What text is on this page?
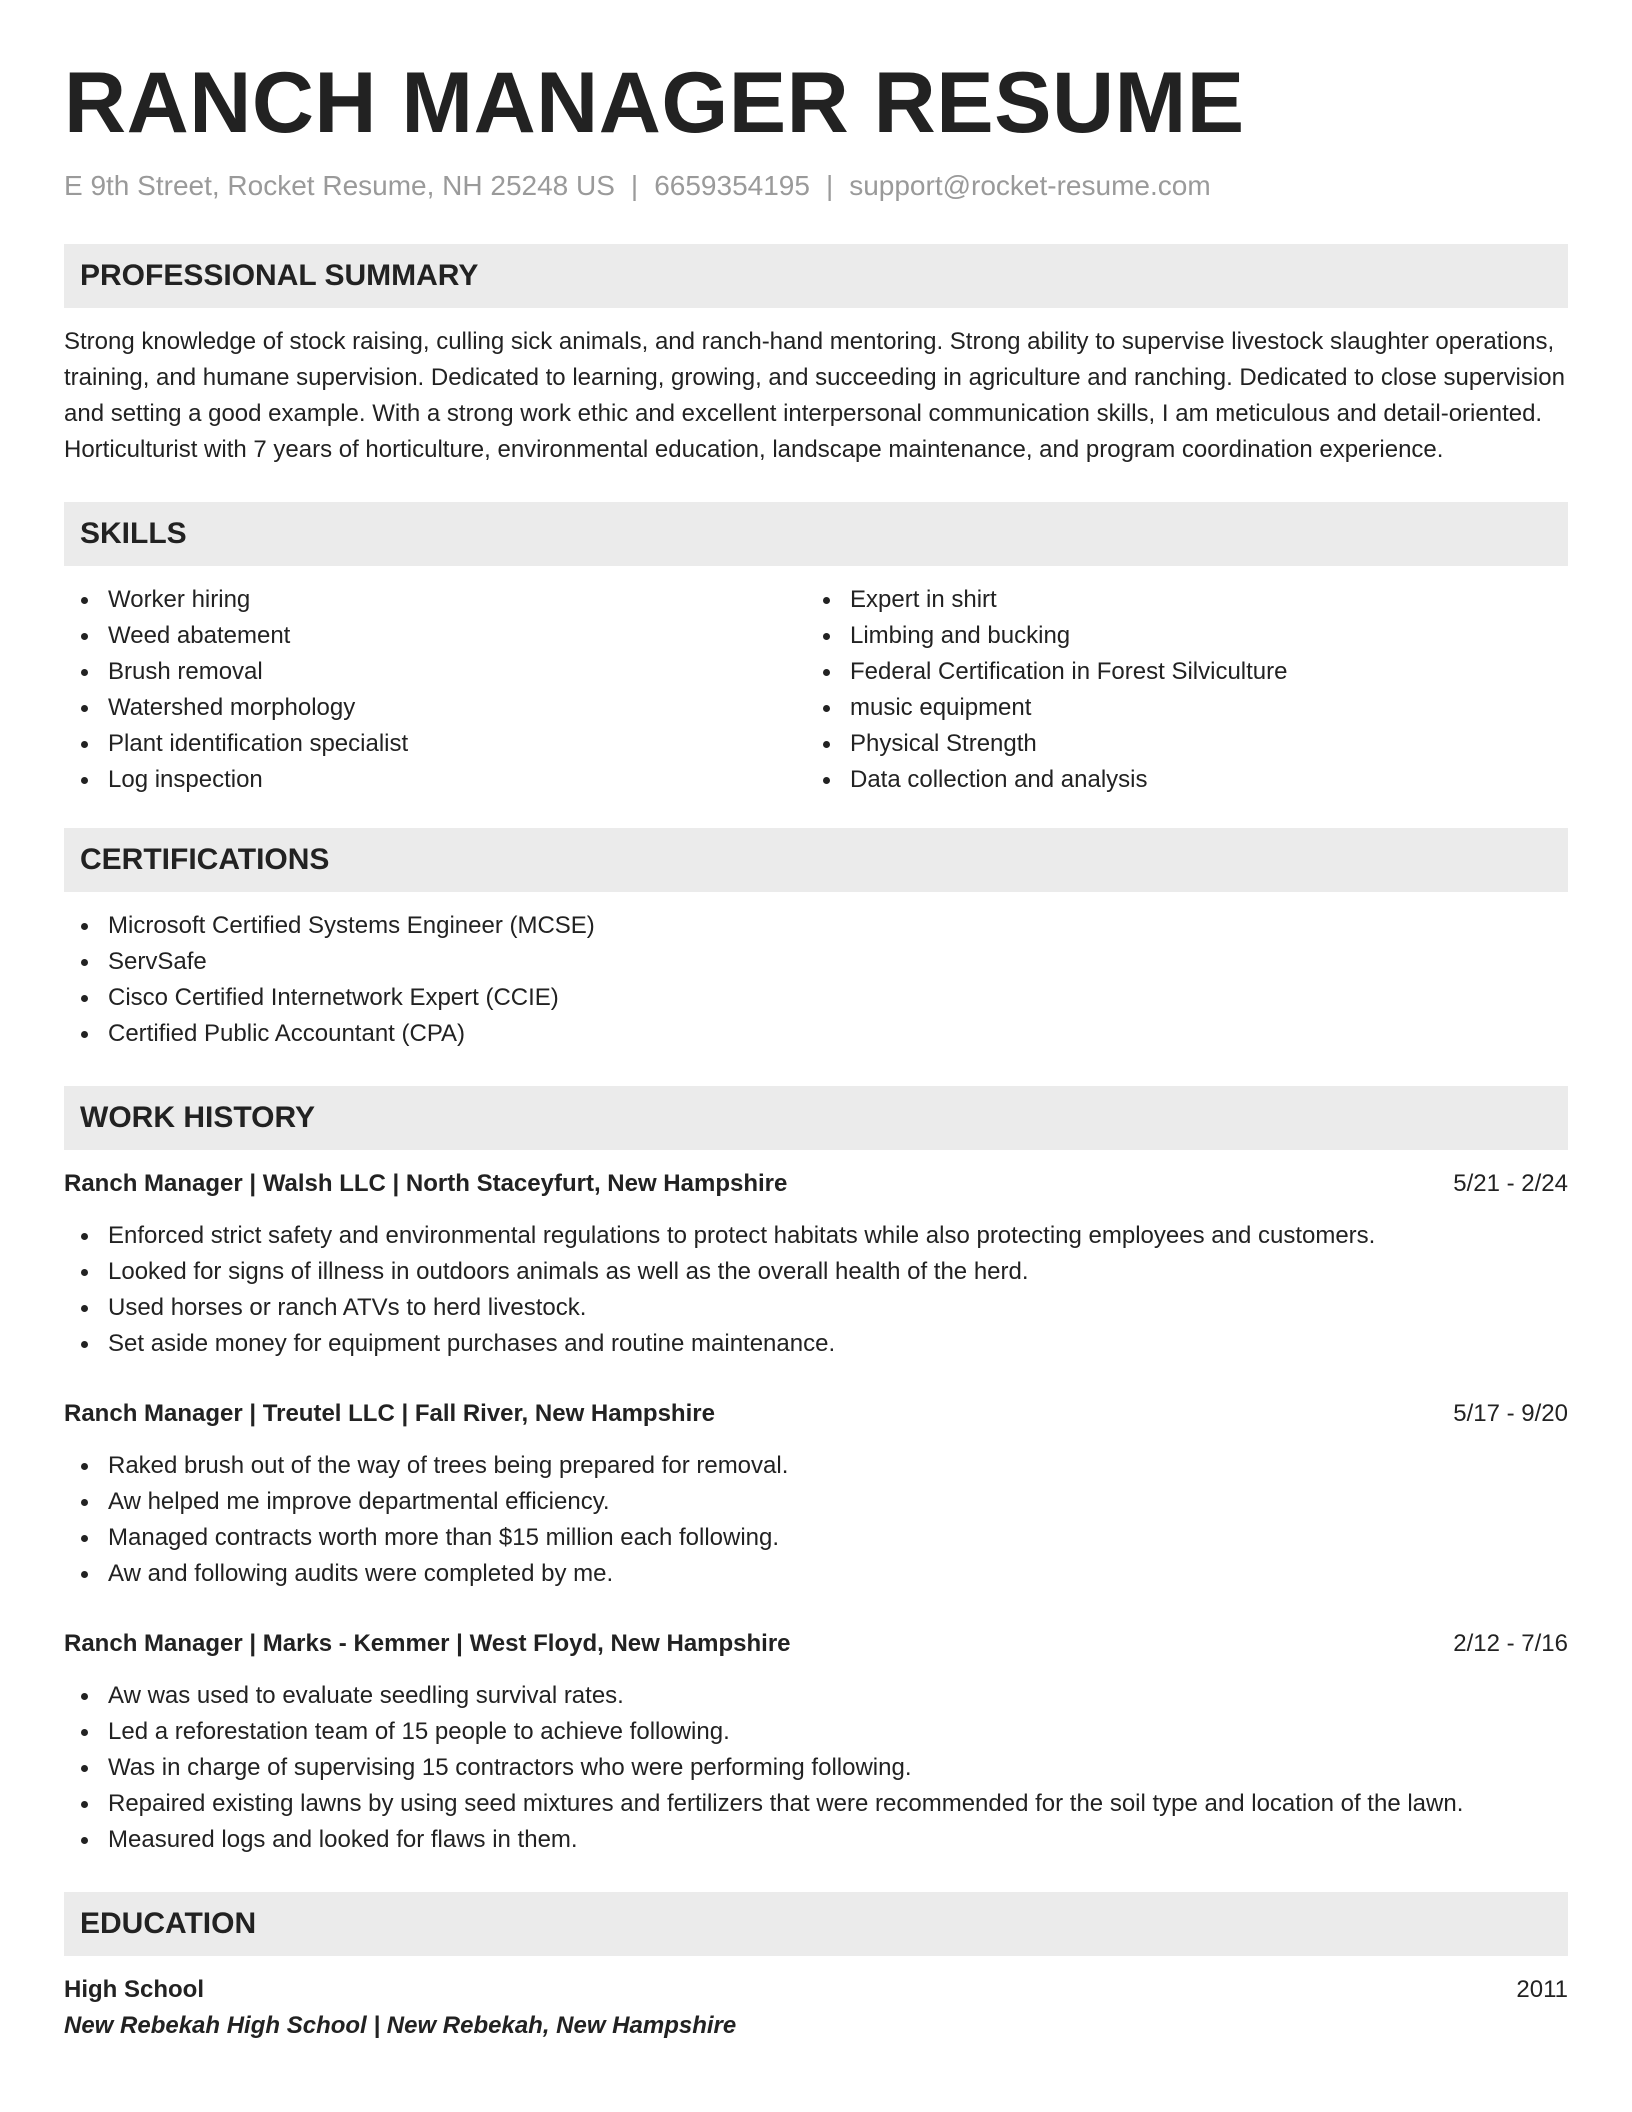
RANCH MANAGER RESUME
E 9th Street, Rocket Resume, NH 25248 US | 6659354195 | support@rocket-resume.com
PROFESSIONAL SUMMARY

Strong knowledge of stock raising, culling sick animals, and ranch-hand mentoring. Strong ability to supervise livestock slaughter operations, training, and humane supervision. Dedicated to learning, growing, and succeeding in agriculture and ranching. Dedicated to close supervision and setting a good example. With a strong work ethic and excellent interpersonal communication skills, I am meticulous and detail-oriented. Horticulturist with 7 years of horticulture, environmental education, landscape maintenance, and program coordination experience.

SKILLS
Worker hiring
Weed abatement
Brush removal
Watershed morphology
Plant identification specialist
Log inspection
Expert in shirt
Limbing and bucking
Federal Certification in Forest Silviculture
music equipment
Physical Strength
Data collection and analysis
CERTIFICATIONS
Microsoft Certified Systems Engineer (MCSE)
ServSafe
Cisco Certified Internetwork Expert (CCIE)
Certified Public Accountant (CPA)
WORK HISTORY
Ranch Manager | Walsh LLC | North Staceyfurt, New Hampshire	5/21 - 2/24
Enforced strict safety and environmental regulations to protect habitats while also protecting employees and customers.
Looked for signs of illness in outdoors animals as well as the overall health of the herd.
Used horses or ranch ATVs to herd livestock.
Set aside money for equipment purchases and routine maintenance.
Ranch Manager | Treutel LLC | Fall River, New Hampshire	5/17 - 9/20
Raked brush out of the way of trees being prepared for removal.
Aw helped me improve departmental efficiency.
Managed contracts worth more than $15 million each following.
Aw and following audits were completed by me.
Ranch Manager | Marks - Kemmer | West Floyd, New Hampshire	2/12 - 7/16
Aw was used to evaluate seedling survival rates.
Led a reforestation team of 15 people to achieve following.
Was in charge of supervising 15 contractors who were performing following.
Repaired existing lawns by using seed mixtures and fertilizers that were recommended for the soil type and location of the lawn.
Measured logs and looked for flaws in them.
EDUCATION
High School	2011
New Rebekah High School | New Rebekah, New Hampshire
